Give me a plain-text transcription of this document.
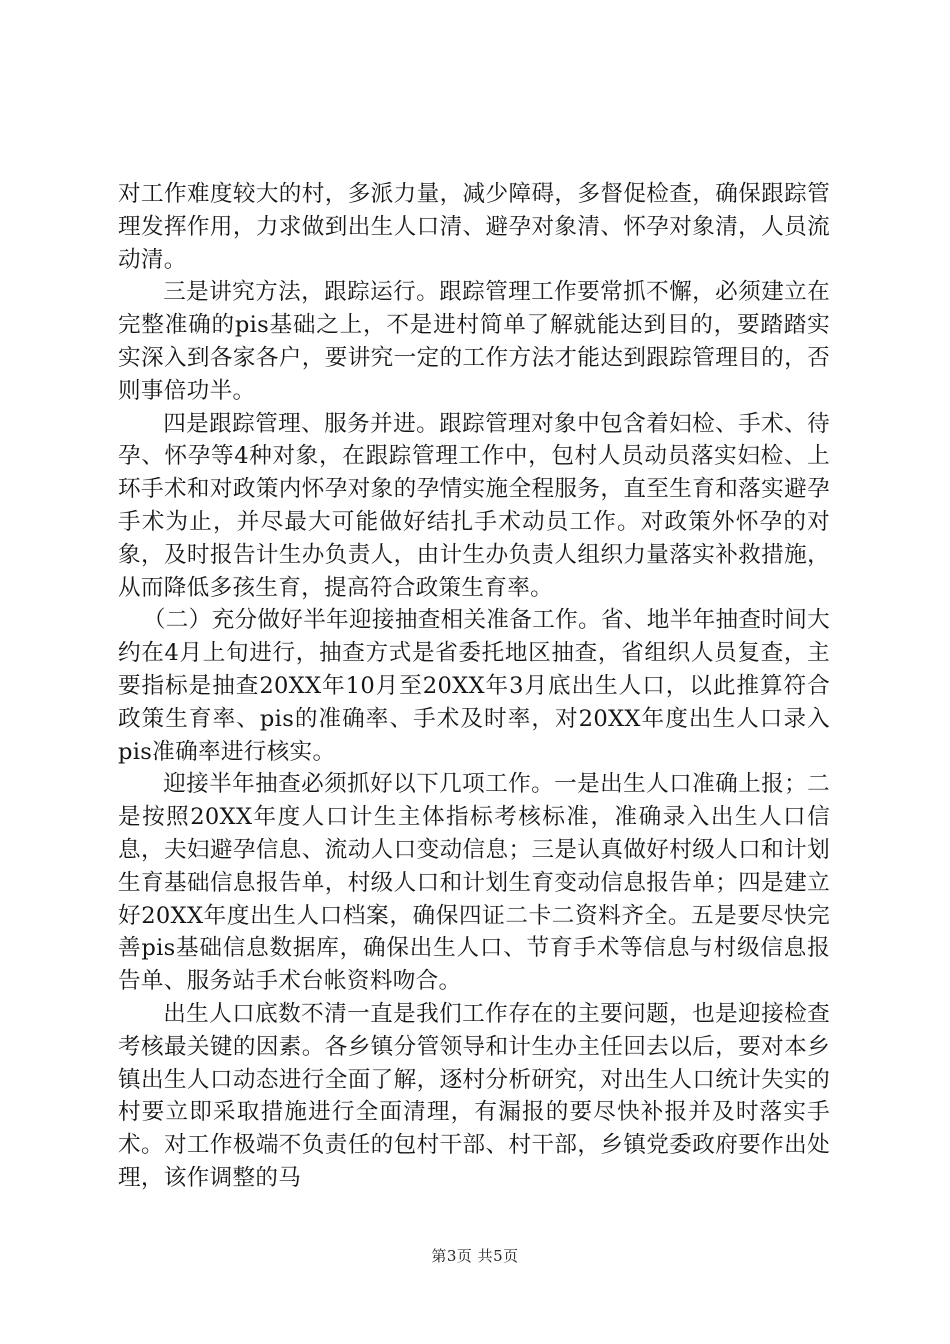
对工作难度较大的村，多派力量，减少障碍，多督促检查，确保跟踪管理发挥作用，力求做到出生人口清、避孕对象清、怀孕对象清，人员流动清。

三是讲究方法，跟踪运行。跟踪管理工作要常抓不懈，必须建立在完整准确的pis基础之上，不是进村简单了解就能达到目的，要踏踏实实深入到各家各户，要讲究一定的工作方法才能达到跟踪管理目的，否则事倍功半。

四是跟踪管理、服务并进。跟踪管理对象中包含着妇检、手术、待孕、怀孕等4种对象，在跟踪管理工作中，包村人员动员落实妇检、上环手术和对政策内怀孕对象的孕情实施全程服务，直至生育和落实避孕手术为止，并尽最大可能做好结扎手术动员工作。对政策外怀孕的对象，及时报告计生办负责人，由计生办负责人组织力量落实补救措施，从而降低多孩生育，提高符合政策生育率。

（二）充分做好半年迎接抽查相关准备工作。省、地半年抽查时间大约在4月上旬进行，抽查方式是省委托地区抽查，省组织人员复查，主要指标是抽查20XX年10月至20XX年3月底出生人口，以此推算符合政策生育率、pis的准确率、手术及时率，对20XX年度出生人口录入pis准确率进行核实。

迎接半年抽查必须抓好以下几项工作。一是出生人口准确上报；二是按照20XX年度人口计生主体指标考核标准，准确录入出生人口信息，夫妇避孕信息、流动人口变动信息；三是认真做好村级人口和计划生育基础信息报告单，村级人口和计划生育变动信息报告单；四是建立好20XX年度出生人口档案，确保四证二卡二资料齐全。五是要尽快完善pis基础信息数据库，确保出生人口、节育手术等信息与村级信息报告单、服务站手术台帐资料吻合。

出生人口底数不清一直是我们工作存在的主要问题，也是迎接检查考核最关键的因素。各乡镇分管领导和计生办主任回去以后，要对本乡镇出生人口动态进行全面了解，逐村分析研究，对出生人口统计失实的村要立即采取措施进行全面清理，有漏报的要尽快补报并及时落实手术。对工作极端不负责任的包村干部、村干部，乡镇党委政府要作出处理，该作调整的马

第3页 共5页
